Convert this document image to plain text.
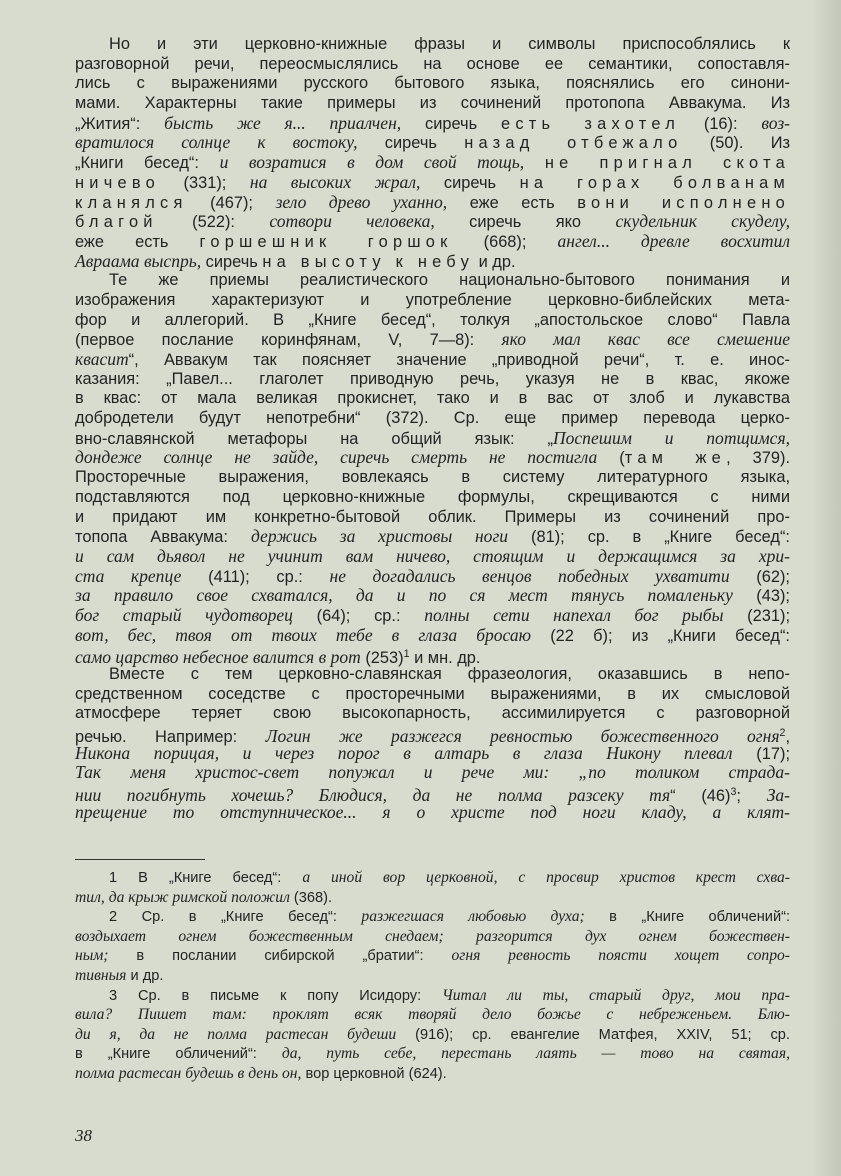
Но и эти церковно-книжные фразы и символы приспособлялись к
разговорной речи, переосмыслялись на основе ее семантики, сопоставля-
лись с выражениями русского бытового языка, пояснялись его синони-
мами. Характерны такие примеры из сочинений протопопа Аввакума. Из
„Жития“: бысть же я... приалчен, сиречь есть захотел (16): воз-
вратилося солнце к востоку, сиречь назад отбежало (50). Из
„Книги бесед“: и возратися в дом свой тощь, не пригнал скота
ничево (331); на высоких жрал, сиречь на горах болванам
кланялся (467); зело древо уханно, еже есть вони исполнено
благой (522): сотвори человека, сиречь яко скудельник скуделу,
еже есть горшешник горшок (668); ангел... древле восхитил
Авраама выспрь, сиречь на высоту к небу и др.
Те же приемы реалистического национально-бытового понимания и
изображения характеризуют и употребление церковно-библейских мета-
фор и аллегорий. В „Книге бесед“, толкуя „апостольское слово“ Павла
(первое послание коринфянам, V, 7—8): яко мал квас все смешение
квасит“, Аввакум так поясняет значение „приводной речи“, т. е. инос-
казания: „Павел... глаголет приводную речь, указуя не в квас, якоже
в квас: от мала великая прокиснет, тако и в вас от злоб и лукавства
добродетели будут непотребни“ (372). Ср. еще пример перевода церко-
вно-славянской метафоры на общий язык: „Поспешим и потщимся,
дондеже солнце не зайде, сиречь смерть не постигла (там же, 379).
Просторечные выражения, вовлекаясь в систему литературного языка,
подставляются под церковно-книжные формулы, скрещиваются с ними
и придают им конкретно-бытовой облик. Примеры из сочинений про-
топопа Аввакума: держись за христовы ноги (81); ср. в „Книге бесед“:
и сам дьявол не учинит вам ничево, стоящим и держащимся за хри-
ста крепце (411); ср.: не догадались венцов победных ухватити (62);
за правило свое схватался, да и по ся мест тянусь помаленьку (43);
бог старый чудотворец (64); ср.: полны сети напехал бог рыбы (231);
вот, бес, твоя от твоих тебе в глаза бросаю (22 б); из „Книги бесед“:
само царство небесное валится в рот $(253)^1$ и мн. др.
Вместе с тем церковно-славянская фразеология, оказавшись в непо-
средственном соседстве с просторечными выражениями, в их смысловой
атмосфере теряет свою высокопарность, ассимилируется с разговорной
речью. Например: Логин же разжегся ревностью божественного огня$^2$,
Никона порицая, и через порог в алтарь в глаза Никону плевал (17);
Так меня христос-свет попужал и рече ми: „по толиком страда-
нии погибнуть хочешь? Блюдися, да не полма разсеку тя“ $(46)^3$; За-
прещение то отступническое... я о христе под ноги кладу, а клят-
1 В „Книге бесед“: а иной вор церковной, с просвир христов крест схва-
тил, да крыж римской положил (368).
2 Ср. в „Книге бесед“: разжегшася любовью духа; в „Книге обличений“:
воздыхает огнем божественным снедаем; разгорится дух огнем божествен-
ным; в послании сибирской „братии“: огня ревность поясти хощет сопро-
тивныя и др.
3 Ср. в письме к попу Исидору: Читал ли ты, старый друг, мои пра-
вила? Пишет там: проклят всяк творяй дело божье с небреженьем. Блю-
ди я, да не полма растесан будеши (916); ср. евангелие Матфея, XXIV, 51; ср.
в „Книге обличений“: да, путь себе, перестань лаять — тово на святая,
полма растесан будешь в день он, вор церковной (624).
38
